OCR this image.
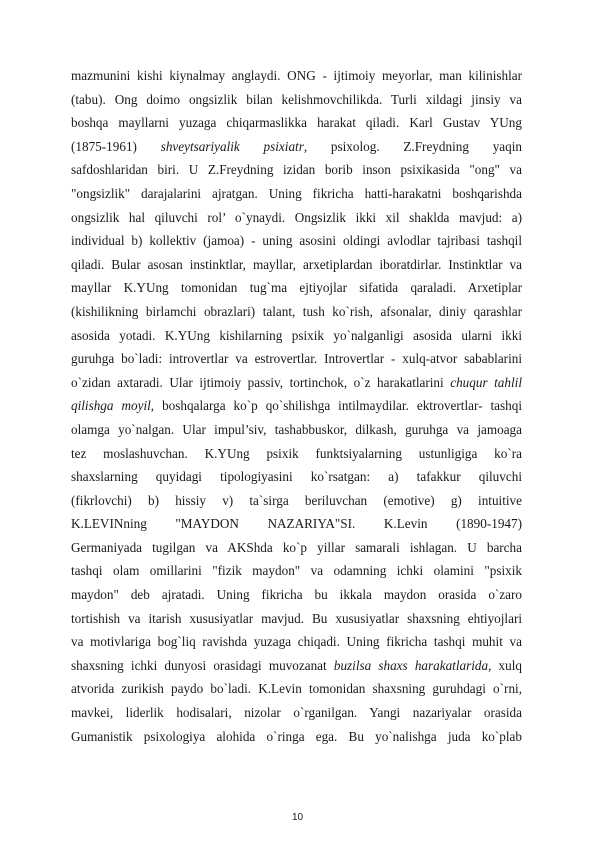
mazmunini kishi kiynalmay anglaydi. ONG - ijtimoiy meyorlar, man kilinishlar
(tabu). Ong doimo ongsizlik bilan kelishmovchilikda. Turli xildagi jinsiy va
boshqa mayllarni yuzaga chiqarmaslikka harakat qiladi. Karl Gustav YUng
(1875-1961) shveytsariyalik psixiatr, psixolog. Z.Freydning yaqin
safdoshlaridan biri. U Z.Freydning izidan borib inson psixikasida "ong" va
"ongsizlik" darajalarini ajratgan. Uning fikricha hatti-harakatni boshqarishda
ongsizlik hal qiluvchi rol’ o`ynaydi. Ongsizlik ikki xil shaklda mavjud: a)
individual b) kollektiv (jamoa) - uning asosini oldingi avlodlar tajribasi tashqil
qiladi. Bular asosan instinktlar, mayllar, arxetiplardan iboratdirlar. Instinktlar va
mayllar K.YUng tomonidan tug`ma ejtiyojlar sifatida qaraladi. Arxetiplar
(kishilikning birlamchi obrazlari) talant, tush ko`rish, afsonalar, diniy qarashlar
asosida yotadi. K.YUng kishilarning psixik yo`nalganligi asosida ularni ikki
guruhga bo`ladi: introvertlar va estrovertlar. Introvertlar - xulq-atvor sabablarini
o`zidan axtaradi. Ular ijtimoiy passiv, tortinchok, o`z harakatlarini chuqur tahlil
qilishga moyil, boshqalarga ko`p qo`shilishga intilmaydilar. ektrovertlar- tashqi
olamga yo`nalgan. Ular impul’siv, tashabbuskor, dilkash, guruhga va jamoaga
tez moslashuvchan. K.YUng psixik funktsiyalarning ustunligiga ko`ra
shaxslarning quyidagi tipologiyasini ko`rsatgan: a) tafakkur qiluvchi
(fikrlovchi) b) hissiy v) ta`sirga beriluvchan (emotive) g) intuitive
K.LEVINning "MAYDON NAZARIYA"SI. K.Levin (1890-1947)
Germaniyada tugilgan va AKShda ko`p yillar samarali ishlagan. U barcha
tashqi olam omillarini "fizik maydon" va odamning ichki olamini "psixik
maydon" deb ajratadi. Uning fikricha bu ikkala maydon orasida o`zaro
tortishish va itarish xususiyatlar mavjud. Bu xususiyatlar shaxsning ehtiyojlari
va motivlariga bog`liq ravishda yuzaga chiqadi. Uning fikricha tashqi muhit va
shaxsning ichki dunyosi orasidagi muvozanat buzilsa shaxs harakatlarida, xulq
atvorida zurikish paydo bo`ladi. K.Levin tomonidan shaxsning guruhdagi o`rni,
mavkei, liderlik hodisalari, nizolar o`rganilgan. Yangi nazariyalar orasida
Gumanistik psixologiya alohida o`ringa ega. Bu yo`nalishga juda ko`plab
10
